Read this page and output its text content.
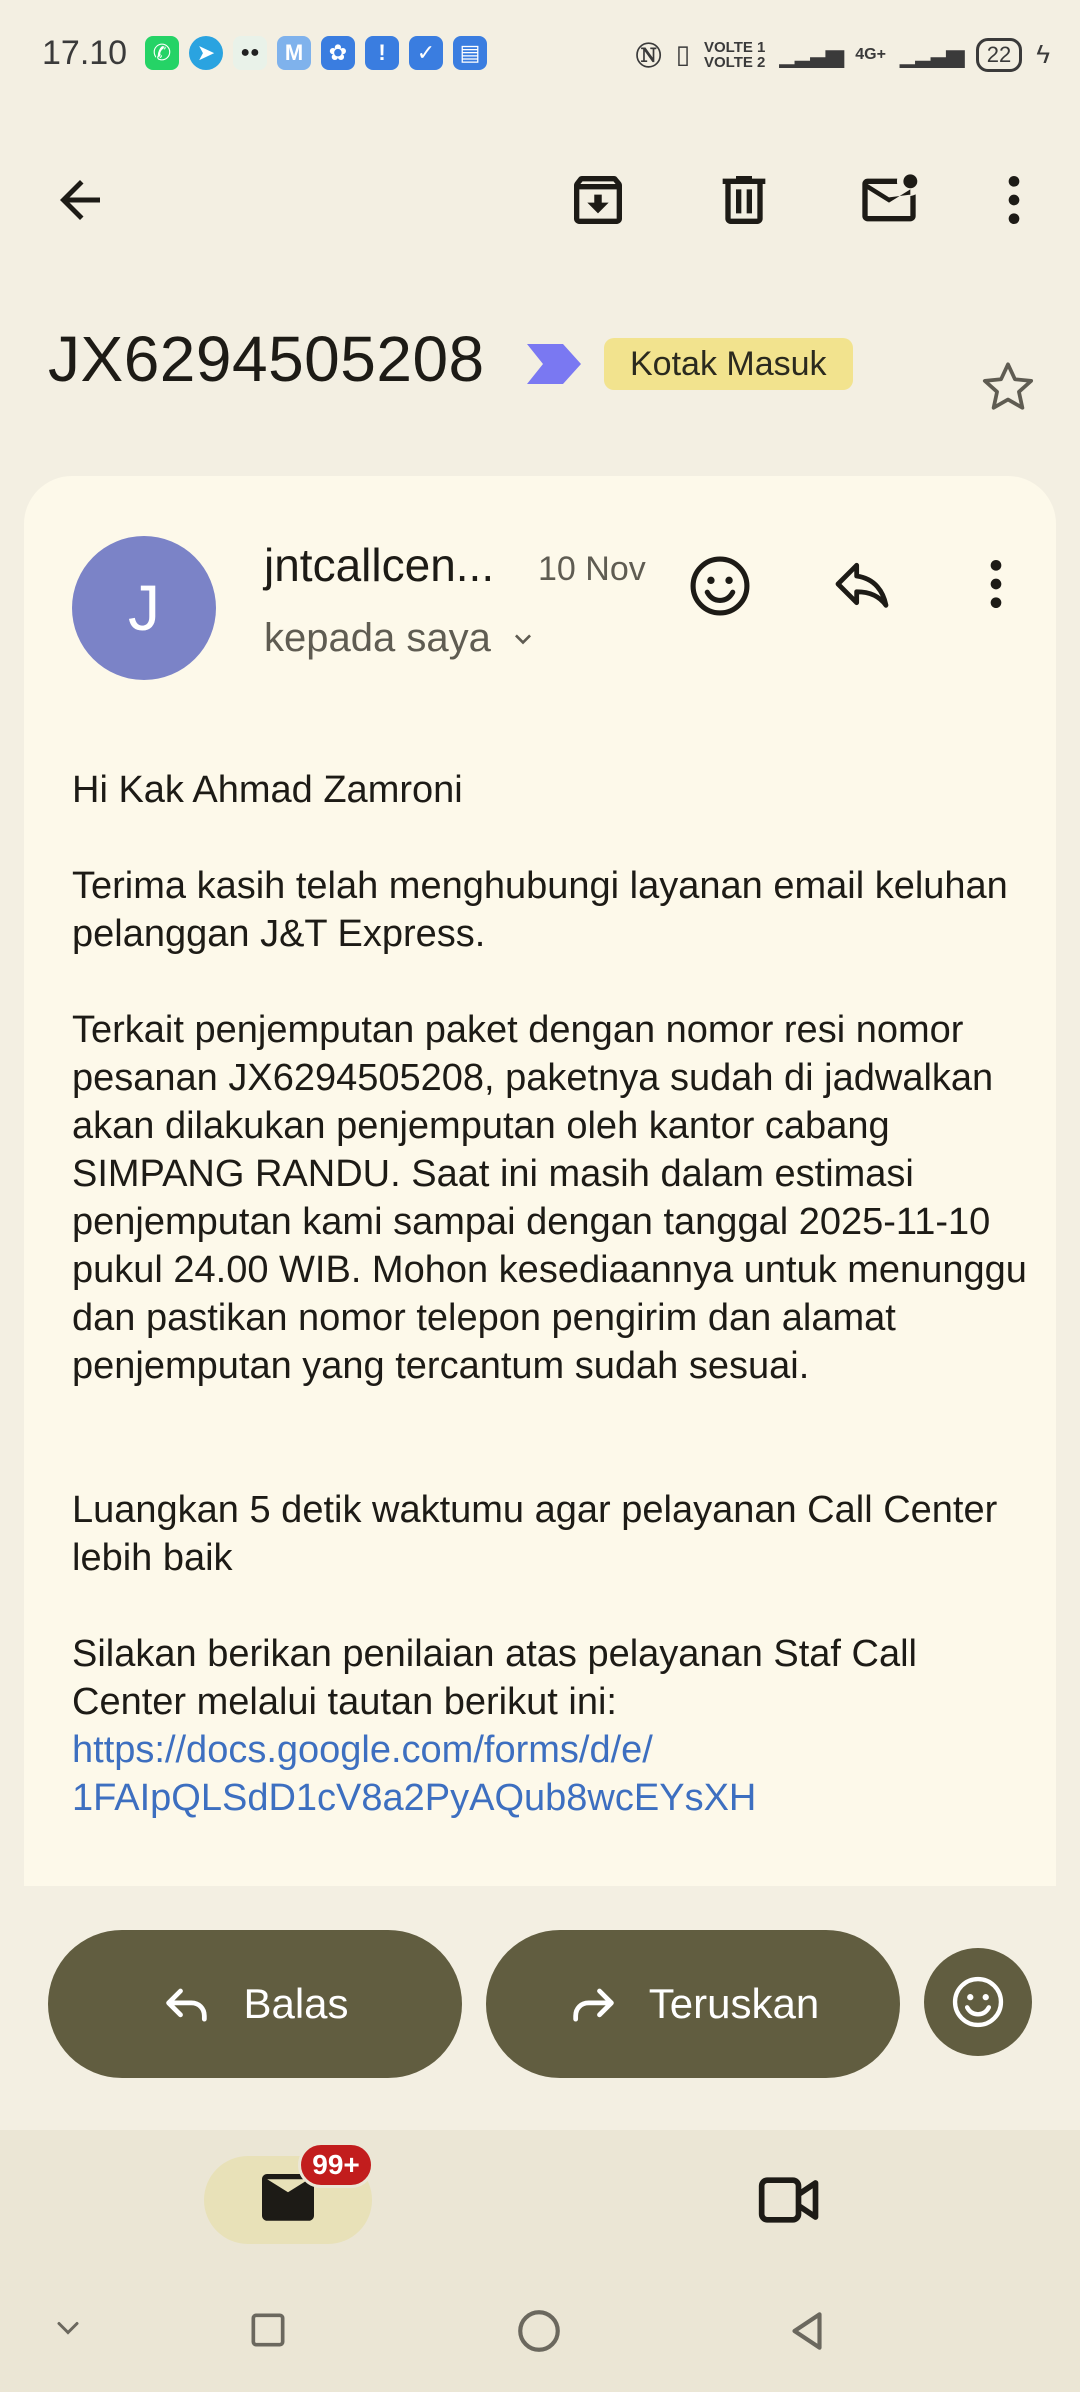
17.10	✆	➤	●●	M	✿	!	✓	▤	Ⓝ ▯ VOLTE 1
VOLTE 2 ▁▂▃▅ 4G+ ▁▂▃▅	22 ϟ
JX6294505208	Kotak Masuk
J
jntcallcen... 10 Nov
kepada saya

Hi Kak Ahmad Zamroni

Terima kasih telah menghubungi layanan email keluhan pelanggan J&T Express.

Terkait penjemputan paket dengan nomor resi nomor pesanan JX6294505208, paketnya sudah di jadwalkan akan dilakukan penjemputan oleh kantor cabang SIMPANG RANDU. Saat ini masih dalam estimasi penjemputan kami sampai dengan tanggal 2025-11-10 pukul 24.00 WIB. Mohon kesediaannya untuk menunggu dan pastikan nomor telepon pengirim dan alamat penjemputan yang tercantum sudah sesuai.

Luangkan 5 detik waktumu agar pelayanan Call Center lebih baik

Silakan berikan penilaian atas pelayanan Staf Call Center melalui tautan berikut ini:

https://docs.google.com/forms/d/e/
1FAIpQLSdD1cV8a2PyAQub8wcEYsXH
Balas	Teruskan
99+
